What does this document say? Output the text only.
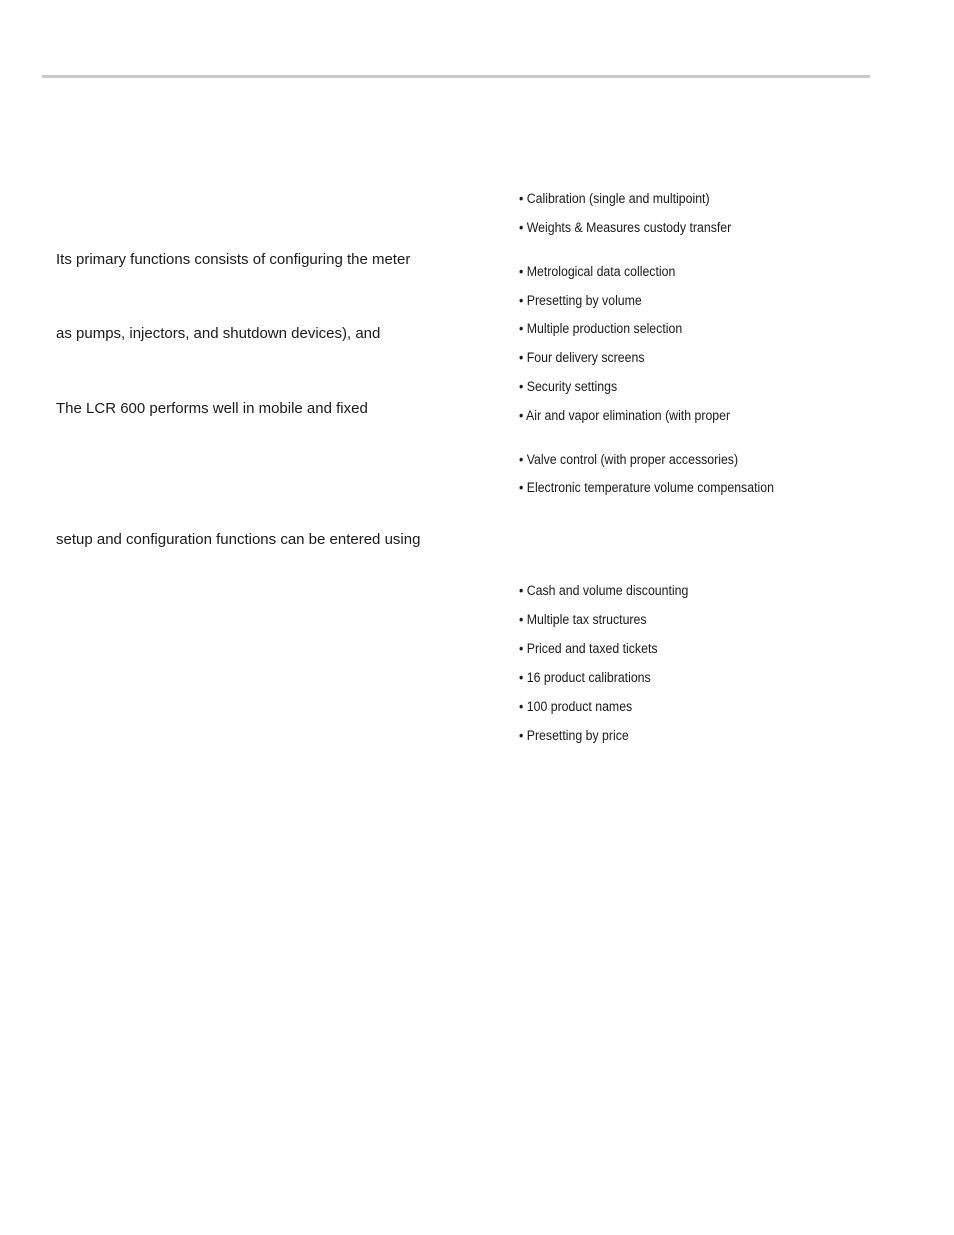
Its primary functions consists of configuring the meter
as pumps, injectors, and shutdown devices), and
The LCR 600 performs well in mobile and fixed
setup and configuration functions can be entered using
• Calibration (single and multipoint)
• Weights & Measures custody transfer
• Metrological data collection
• Presetting by volume
• Multiple production selection
• Four delivery screens
• Security settings
• Air and vapor elimination (with proper
• Valve control (with proper accessories)
• Electronic temperature volume compensation
• Cash and volume discounting
• Multiple tax structures
• Priced and taxed tickets
• 16 product calibrations
• 100 product names
• Presetting by price
